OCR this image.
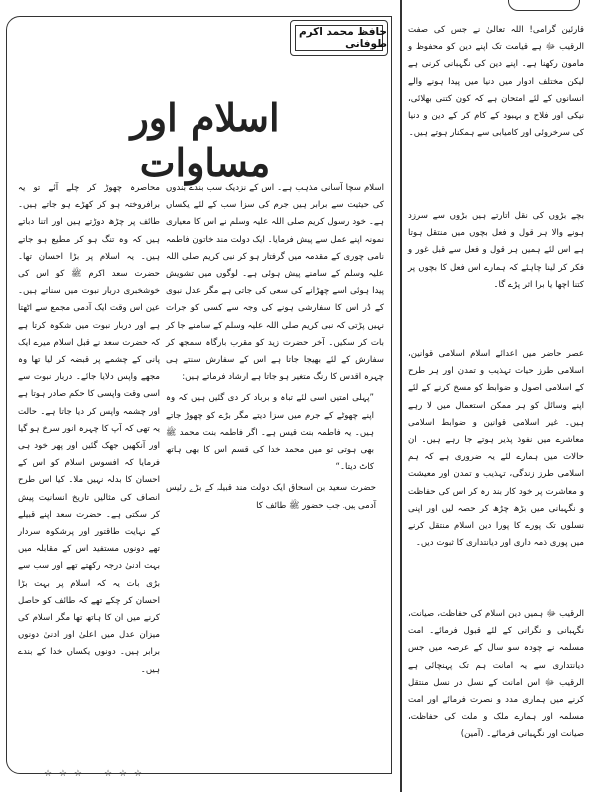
قارئین گرامی! اللہ تعالیٰ نے جس کی صفت الرقیب ﷻ ہے قیامت تک اپنے دین کو محفوظ و مامون رکھنا ہے۔ اپنے دین کی نگہبانی کرنی ہے لیکن مختلف ادوار میں دنیا میں پیدا ہونے والے انسانوں کے لئے امتحان ہے کہ کون کتنی بھلائی، نیکی اور فلاح و بہبود کے کام کر کے دین و دنیا کی سرخروئی اور کامیابی سے ہمکنار ہوتے ہیں۔

بچے بڑوں کی نقل اتارتے ہیں بڑوں سے سرزد ہونے والا ہر قول و فعل بچوں میں منتقل ہوتا ہے اس لئے ہمیں ہر قول و فعل سے قبل غور و فکر کر لینا چاہئے کہ ہمارے اس فعل کا بچوں پر کتنا اچھا یا برا اثر پڑے گا۔

عصر حاضر میں اعدائے اسلام اسلامی قوانین، اسلامی طرز حیات تہذیب و تمدن اور ہر طرح کے اسلامی اصول و ضوابط کو مسخ کرنے کے لئے اپنے وسائل کو ہر ممکن استعمال میں لا رہے ہیں۔ غیر اسلامی قوانین و ضوابط اسلامی معاشرے میں نفوذ پذیر ہوتے جا رہے ہیں۔ ان حالات میں ہمارے لئے یہ ضروری ہے کہ ہم اسلامی طرز زندگی، تہذیب و تمدن اور معیشت و معاشرت پر خود کار بند رہ کر اس کی حفاظت و نگہبانی میں بڑھ چڑھ کر حصہ لیں اور اپنی نسلوں تک پورے کا پورا دین اسلام منتقل کرنے میں پوری ذمہ داری اور دیانتداری کا ثبوت دیں۔

الرقیب ﷻ ہمیں دین اسلام کی حفاظت، صیانت، نگہبانی و نگرانی کے لئے قبول فرمائے۔ امت مسلمہ نے چودہ سو سال کے عرصہ میں جس دیانتداری سے یہ امانت ہم تک پہنچائی ہے الرقیب ﷻ اس امانت کے نسل در نسل منتقل کرنے میں ہماری مدد و نصرت فرمائے اور امت مسلمہ اور ہمارے ملک و ملت کی حفاظت، صیانت اور نگہبانی فرمائے۔ (آمین)

حافظ محمد اکرم طوفانی
اسلام اور مساوات

اسلام سچا آسانی مذہب ہے۔ اس کے نزدیک سب بندے بندوں کی حیثیت سے برابر ہیں جرم کی سزا سب کے لئے یکساں ہے۔ خود رسول کریم صلی اللہ علیہ وسلم نے اس کا معیاری نمونہ اپنے عمل سے پیش فرمایا۔ ایک دولت مند خاتون فاطمہ نامی چوری کے مقدمہ میں گرفتار ہو کر نبی کریم صلی اللہ علیہ وسلم کے سامنے پیش ہوئی ہے۔ لوگوں میں تشویش پیدا ہوئی اسے چھڑانے کی سعی کی جاتی ہے مگر عدل نبوی کے ڈر اس کا سفارشی ہونے کی وجہ سے کسی کو جرات نہیں پڑتی کہ نبی کریم صلی اللہ علیہ وسلم کے سامنے جا کر بات کر سکیں۔ آخر حضرت زید کو مقرب بارگاہ سمجھ کر سفارش کے لئے بھیجا جاتا ہے اس کے سفارش سنتے ہی چہرہ اقدس کا رنگ متغیر ہو جاتا ہے ارشاد فرماتے ہیں:

”پہلی امتیں اسی لئے تباہ و برباد کر دی گئیں ہیں کہ وہ اپنے چھوٹے کے جرم میں سزا دیتے مگر بڑے کو چھوڑ جاتے ہیں۔ یہ فاطمہ بنت قیس ہے۔ اگر فاطمہ بنت محمد ﷺ بھی ہوتی تو میں محمد خدا کی قسم اس کا بھی ہاتھ کاٹ دیتا۔“

حضرت سعید بن اسحاق ایک دولت مند قبیلہ کے بڑے رئیس آدمی ہیں۔ جب حضور ﷺ طائف کا

محاصرہ چھوڑ کر چلے آئے تو یہ برافروختہ ہو کر کھڑے ہو جاتے ہیں۔ طائف پر چڑھ دوڑتے ہیں اور اتنا دباتے ہیں کہ وہ تنگ ہو کر مطیع ہو جاتے ہیں۔ یہ اسلام پر بڑا احسان تھا۔ حضرت سعد اکرم ﷺ کو اس کی خوشخبری دربار نبوت میں سناتے ہیں۔ عین اس وقت ایک آدمی مجمع سے اٹھتا ہے اور دربار نبوت میں شکوہ کرتا ہے کہ حضرت سعد نے قبل اسلام میرے ایک پانی کے چشمے پر قبضہ کر لیا تھا وہ مجھے واپس دلایا جائے۔ دربار نبوت سے اسی وقت واپسی کا حکم صادر ہوتا ہے اور چشمہ واپس کر دیا جاتا ہے۔ حالت یہ تھی کہ آپ کا چہرہ انور سرخ ہو گیا اور آنکھیں جھک گئیں اور پھر خود ہی فرمایا کہ افسوس اسلام کو اس کے احسان کا بدلہ نہیں ملا۔ کیا اس طرح انصاف کی مثالیں تاریخ انسانیت پیش کر سکتی ہے۔ حضرت سعد اپنے قبیلے کے نہایت طاقتور اور پرشکوہ سردار تھے دونوں مستفید اس کے مقابلہ میں بہت ادنیٰ درجہ رکھتے تھے اور سب سے بڑی بات یہ کہ اسلام پر بہت بڑا احسان کر چکے تھے کہ طائف کو حاصل کرنے میں ان کا ہاتھ تھا مگر اسلام کی میزان عدل میں اعلیٰ اور ادنیٰ دونوں برابر ہیں۔ دونوں یکساں خدا کے بندے ہیں۔

☆ ☆ ☆ ☆ ☆ ☆
